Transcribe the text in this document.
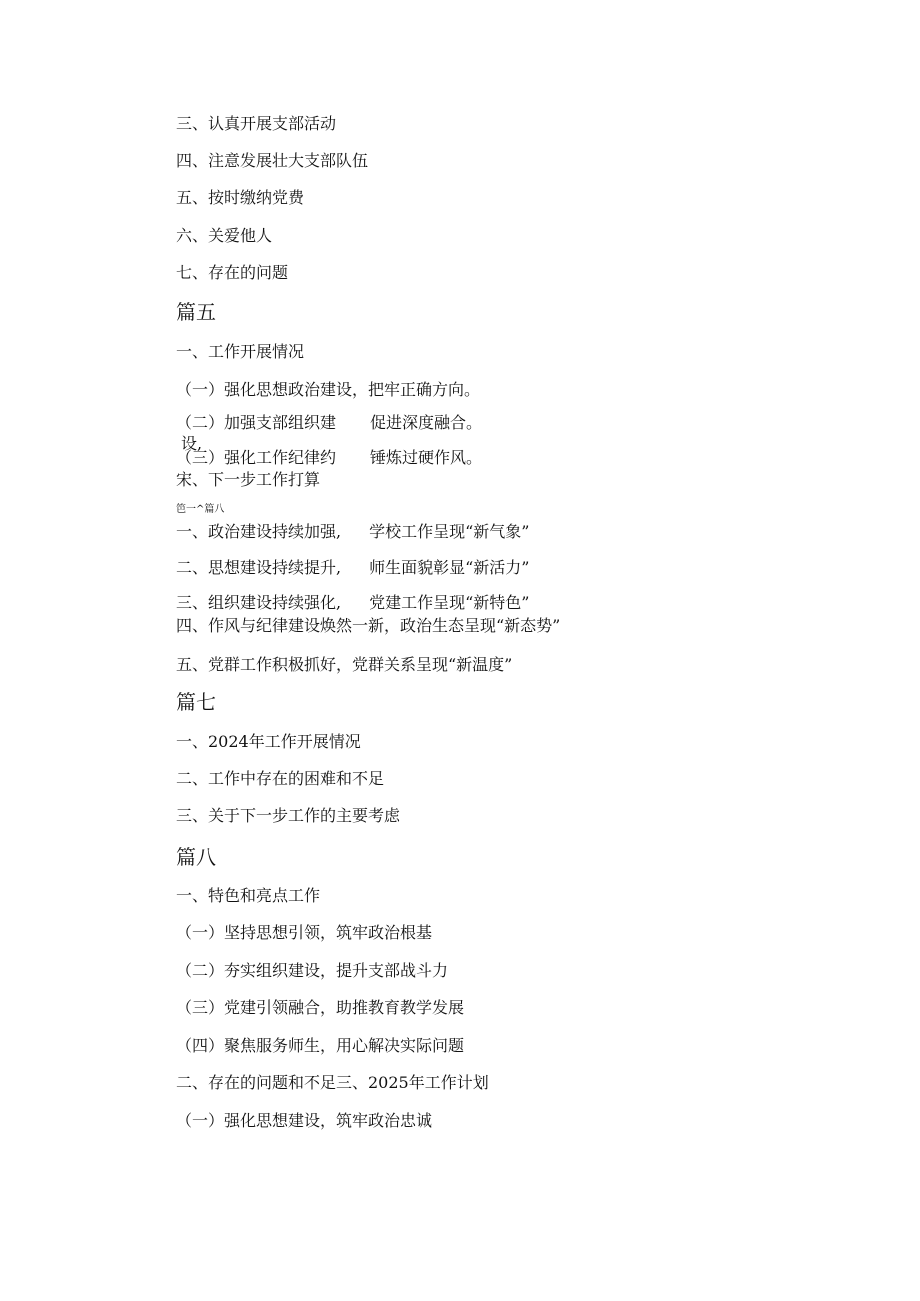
三、认真开展支部活动
四、注意发展壮大支部队伍
五、按时缴纳党费
六、关爱他人
七、存在的问题
篇五
一、工作开展情况
（一）强化思想政治建设，把牢正确方向。
（二）加强支部组织建 促进深度融合。
设,
（三）强化工作纪律约 锤炼过硬作风。
宋、下一步工作打算
笆一^篇八
一、政治建设持续加强, 学校工作呈现“新气象”
二、思想建设持续提升, 师生面貌彰显“新活力”
三、组织建设持续强化, 党建工作呈现“新特色”
四、作风与纪律建设焕然一新，政治生态呈现“新态势”
五、党群工作积极抓好，党群关系呈现“新温度”
篇七
一、2024年工作开展情况
二、工作中存在的困难和不足
三、关于下一步工作的主要考虑
篇八
一、特色和亮点工作
（一）坚持思想引领，筑牢政治根基
（二）夯实组织建设，提升支部战斗力
（三）党建引领融合，助推教育教学发展
（四）聚焦服务师生，用心解决实际问题
二、存在的问题和不足三、2025年工作计划
（一）强化思想建设，筑牢政治忠诚
